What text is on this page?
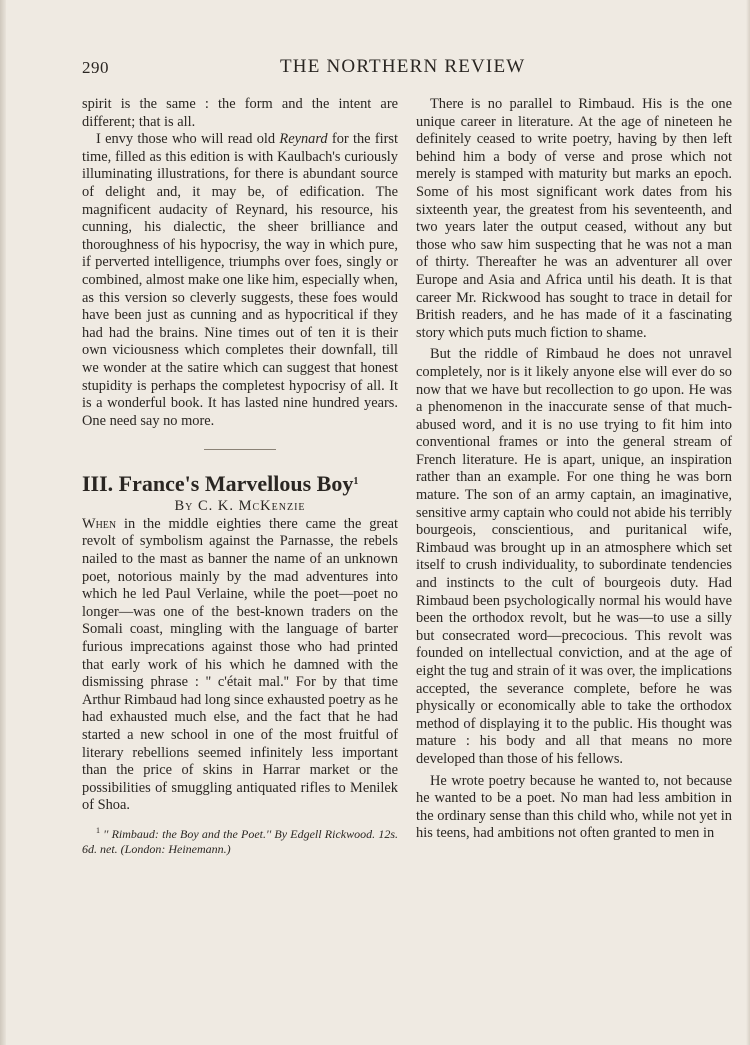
290	THE NORTHERN REVIEW

spirit is the same : the form and the intent are different; that is all.

I envy those who will read old Reynard for the first time, filled as this edition is with Kaulbach's curiously illuminating illustrations, for there is abundant source of delight and, it may be, of edification. The magnificent audacity of Reynard, his resource, his cunning, his dialectic, the sheer brilliance and thoroughness of his hypocrisy, the way in which pure, if perverted intelligence, triumphs over foes, singly or combined, almost make one like him, especially when, as this version so cleverly suggests, these foes would have been just as cunning and as hypocritical if they had had the brains. Nine times out of ten it is their own viciousness which completes their downfall, till we wonder at the satire which can suggest that honest stupidity is perhaps the completest hypocrisy of all. It is a wonderful book. It has lasted nine hundred years. One need say no more.

III. France's Marvellous Boy$^1$

By C. K. McKenzie

When in the middle eighties there came the great revolt of symbolism against the Parnasse, the rebels nailed to the mast as banner the name of an unknown poet, notorious mainly by the mad adventures into which he led Paul Verlaine, while the poet—poet no longer—was one of the best-known traders on the Somali coast, mingling with the language of barter furious imprecations against those who had printed that early work of his which he damned with the dismissing phrase : '' c'était mal.'' For by that time Arthur Rimbaud had long since exhausted poetry as he had exhausted much else, and the fact that he had started a new school in one of the most fruitful of literary rebellions seemed infinitely less important than the price of skins in Harrar market or the possibilities of smuggling antiquated rifles to Menilek of Shoa.

$^1$ '' Rimbaud: the Boy and the Poet.'' By Edgell Rickwood. 12s. 6d. net. (London: Heinemann.)

There is no parallel to Rimbaud. His is the one unique career in literature. At the age of nineteen he definitely ceased to write poetry, having by then left behind him a body of verse and prose which not merely is stamped with maturity but marks an epoch. Some of his most significant work dates from his sixteenth year, the greatest from his seventeenth, and two years later the output ceased, without any but those who saw him suspecting that he was not a man of thirty. Thereafter he was an adventurer all over Europe and Asia and Africa until his death. It is that career Mr. Rickwood has sought to trace in detail for British readers, and he has made of it a fascinating story which puts much fiction to shame.

But the riddle of Rimbaud he does not unravel completely, nor is it likely anyone else will ever do so now that we have but recollection to go upon. He was a phenomenon in the inaccurate sense of that much-abused word, and it is no use trying to fit him into conventional frames or into the general stream of French literature. He is apart, unique, an inspiration rather than an example. For one thing he was born mature. The son of an army captain, an imaginative, sensitive army captain who could not abide his terribly bourgeois, conscientious, and puritanical wife, Rimbaud was brought up in an atmosphere which set itself to crush individuality, to subordinate tendencies and instincts to the cult of bourgeois duty. Had Rimbaud been psychologically normal his would have been the orthodox revolt, but he was—to use a silly but consecrated word—precocious. This revolt was founded on intellectual conviction, and at the age of eight the tug and strain of it was over, the implications accepted, the severance complete, before he was physically or economically able to take the orthodox method of displaying it to the public. His thought was mature : his body and all that means no more developed than those of his fellows.

He wrote poetry because he wanted to, not because he wanted to be a poet. No man had less ambition in the ordinary sense than this child who, while not yet in his teens, had ambitions not often granted to men in
